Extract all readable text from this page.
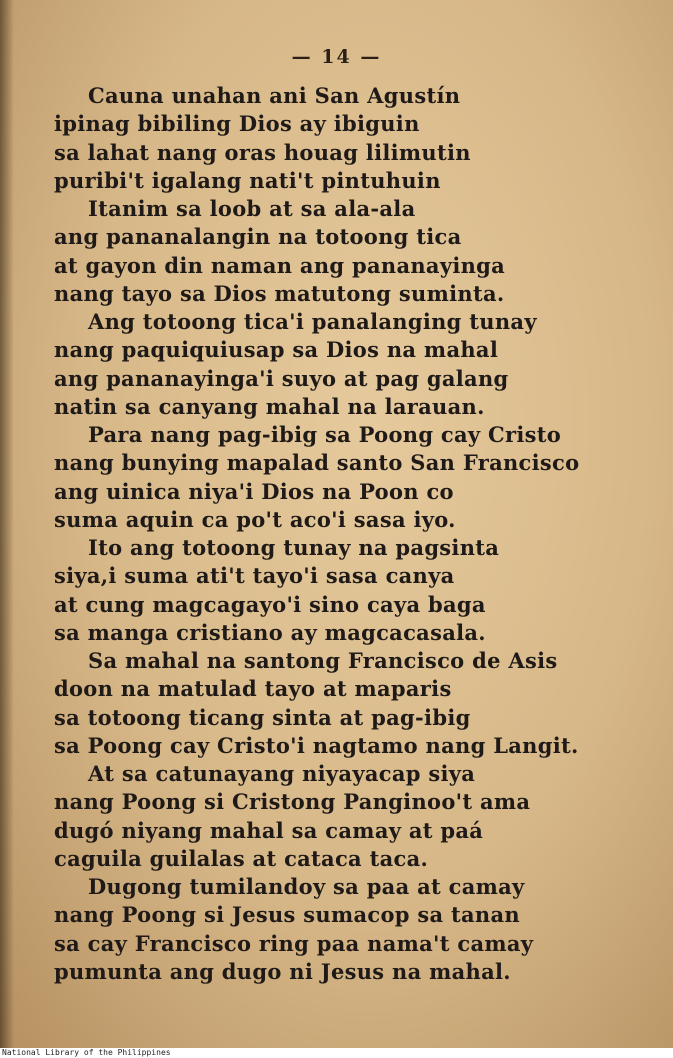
— 14 —
Cauna unahan ani San Agustín
ipinag bibiling Dios ay ibiguin
sa lahat nang oras houag lilimutin
puribi't igalang nati't pintuhuin
Itanim sa loob at sa ala-ala
ang pananalangin na totoong tica
at gayon din naman ang pananayinga
nang tayo sa Dios matutong suminta.
Ang totoong tica'i panalanging tunay
nang paquiquiusap sa Dios na mahal
ang pananayinga'i suyo at pag galang
natin sa canyang mahal na larauan.
Para nang pag-ibig sa Poong cay Cristo
nang bunying mapalad santo San Francisco
ang uinica niya'i Dios na Poon co
suma aquin ca po't aco'i sasa iyo.
Ito ang totoong tunay na pagsinta
siya,i suma ati't tayo'i sasa canya
at cung magcagayo'i sino caya baga
sa manga cristiano ay magcacasala.
Sa mahal na santong Francisco de Asis
doon na matulad tayo at maparis
sa totoong ticang sinta at pag-ibig
sa Poong cay Cristo'i nagtamo nang Langit.
At sa catunayang niyayacap siya
nang Poong si Cristong Panginoo't ama
dugó niyang mahal sa camay at paá
caguila guilalas at cataca taca.
Dugong tumilandoy sa paa at camay
nang Poong si Jesus sumacop sa tanan
sa cay Francisco ring paa nama't camay
pumunta ang dugo ni Jesus na mahal.
National Library of the Philippines
